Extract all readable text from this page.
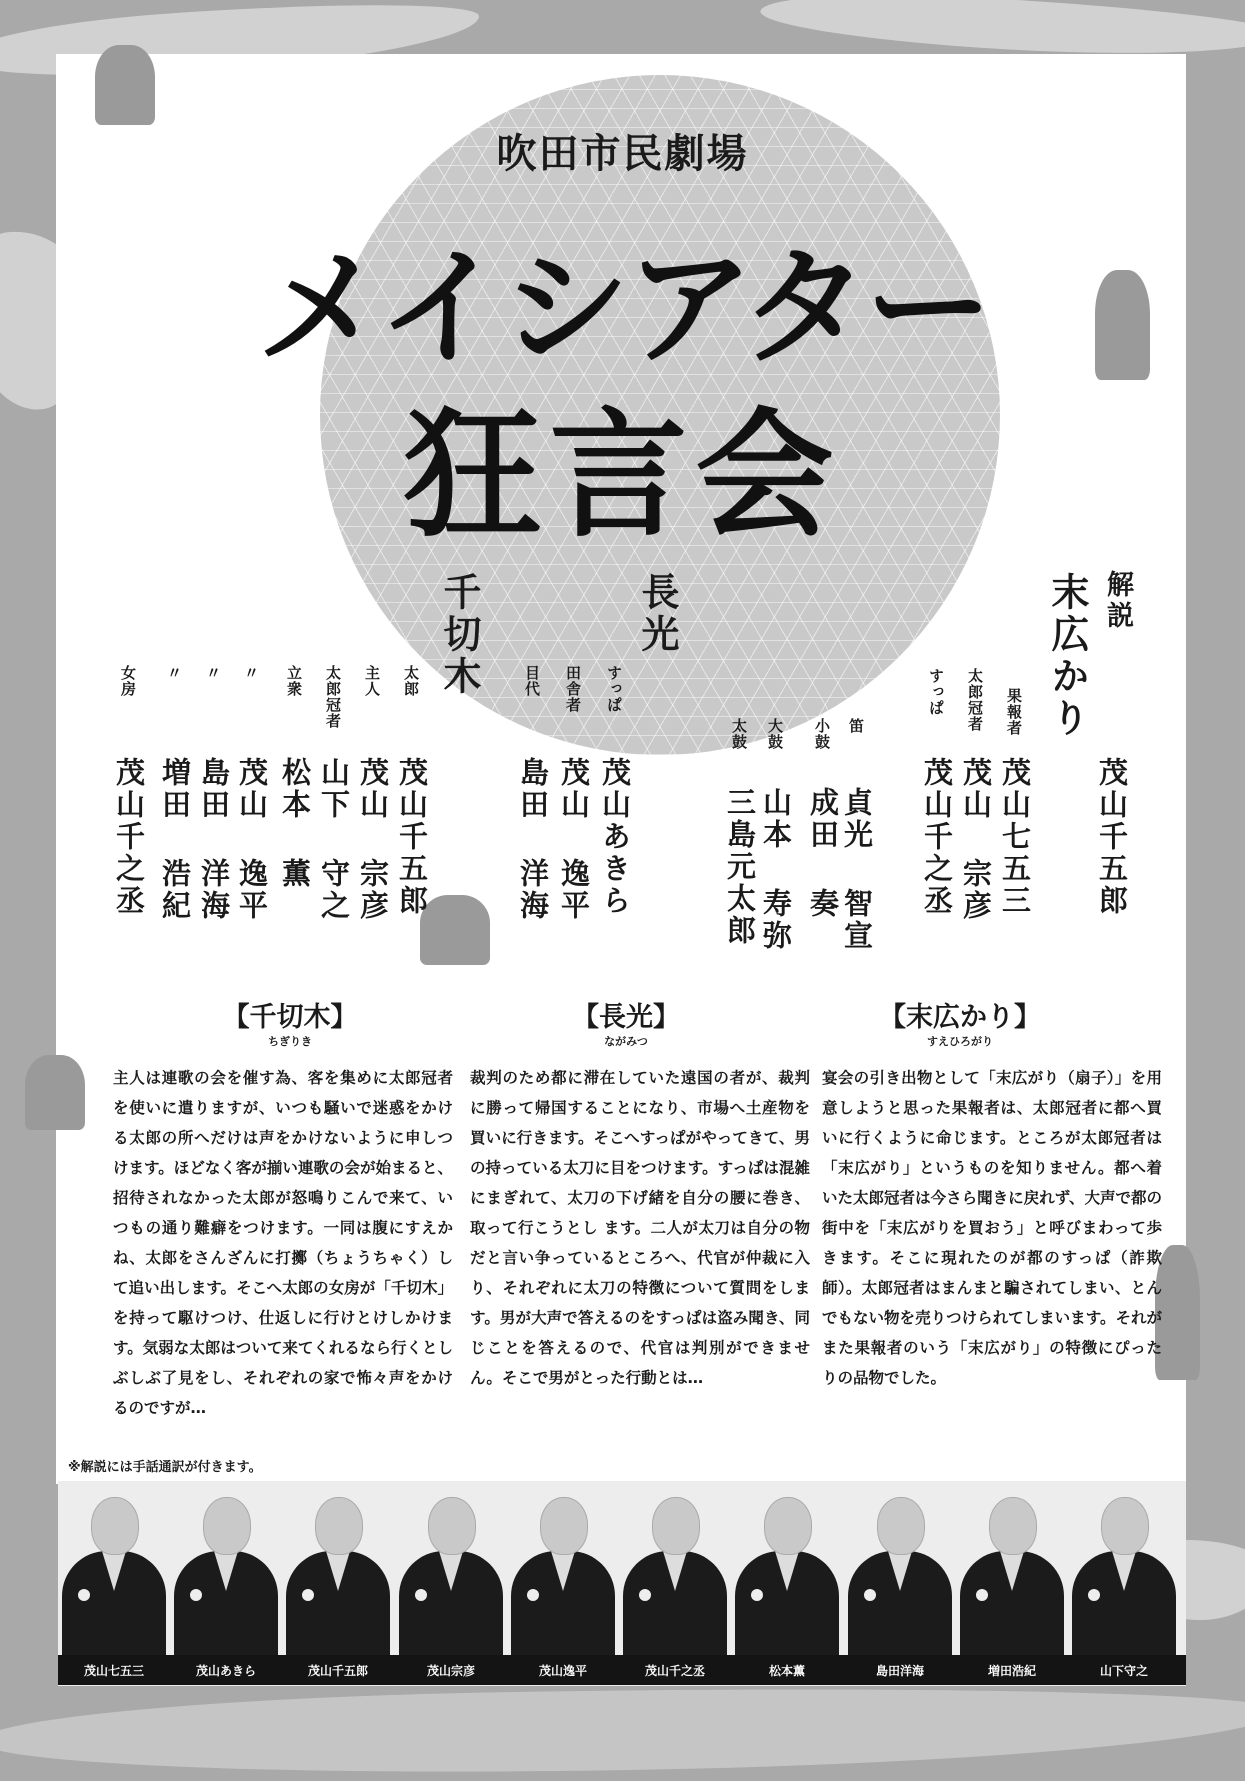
吹田市民劇場
メイシアター
狂言会
解説
茂山千五郎
末広かり
果報者
茂山七五三
太郎冠者
茂山 宗彦
すっぱ
茂山千之丞
笛
貞光 智宣
小鼓
成田 奏
大鼓
山本 寿弥
太鼓
三島元太郎
長光
すっぱ
茂山あきら
田舎者
茂山 逸平
目代
島田 洋海
千切木
太郎
茂山千五郎
主人
茂山 宗彦
太郎冠者
山下 守之
立衆
松本 薫
〃
茂山 逸平
〃
島田 洋海
〃
増田 浩紀
女房
茂山千之丞
【千切木】
ちぎりき
主人は連歌の会を催す為、客を集めに太郎冠者を使いに遣りますが、いつも騒いで迷惑をかける太郎の所へだけは声をかけないように申しつけます。ほどなく客が揃い連歌の会が始まると、招待されなかった太郎が怒鳴りこんで来て、いつもの通り難癖をつけます。一同は腹にすえかね、太郎をさんざんに打擲（ちょうちゃく）して追い出します。そこへ太郎の女房が「千切木」を持って駆けつけ、仕返しに行けとけしかけます。気弱な太郎はついて来てくれるなら行くとしぶしぶ了見をし、それぞれの家で怖々声をかけるのですが…
【長光】
ながみつ
裁判のため都に滞在していた遠国の者が、裁判に勝って帰国することになり、市場へ土産物を買いに行きます。そこへすっぱがやってきて、男の持っている太刀に目をつけます。すっぱは混雑にまぎれて、太刀の下げ緒を自分の腰に巻き、取って行こうとし ます。二人が太刀は自分の物だと言い争っているところへ、代官が仲裁に入り、それぞれに太刀の特徴について質問をします。男が大声で答えるのをすっぱは盗み聞き、同じことを答えるので、代官は判別ができません。そこで男がとった行動とは…
【末広かり】
すえひろがり
宴会の引き出物として「末広がり（扇子）」を用意しようと思った果報者は、太郎冠者に都へ買いに行くように命じます。ところが太郎冠者は「末広がり」というものを知りません。都へ着いた太郎冠者は今さら聞きに戻れず、大声で都の街中を「末広がりを買おう」と呼びまわって歩きます。そこに現れたのが都のすっぱ（詐欺師）。太郎冠者はまんまと騙されてしまい、とんでもない物を売りつけられてしまいます。それがまた果報者のいう「末広がり」の特徴にぴったりの品物でした。
※解説には手話通訳が付きます。
茂山七五三	茂山あきら	茂山千五郎	茂山宗彦	茂山逸平	茂山千之丞	松本薫	島田洋海	増田浩紀	山下守之
